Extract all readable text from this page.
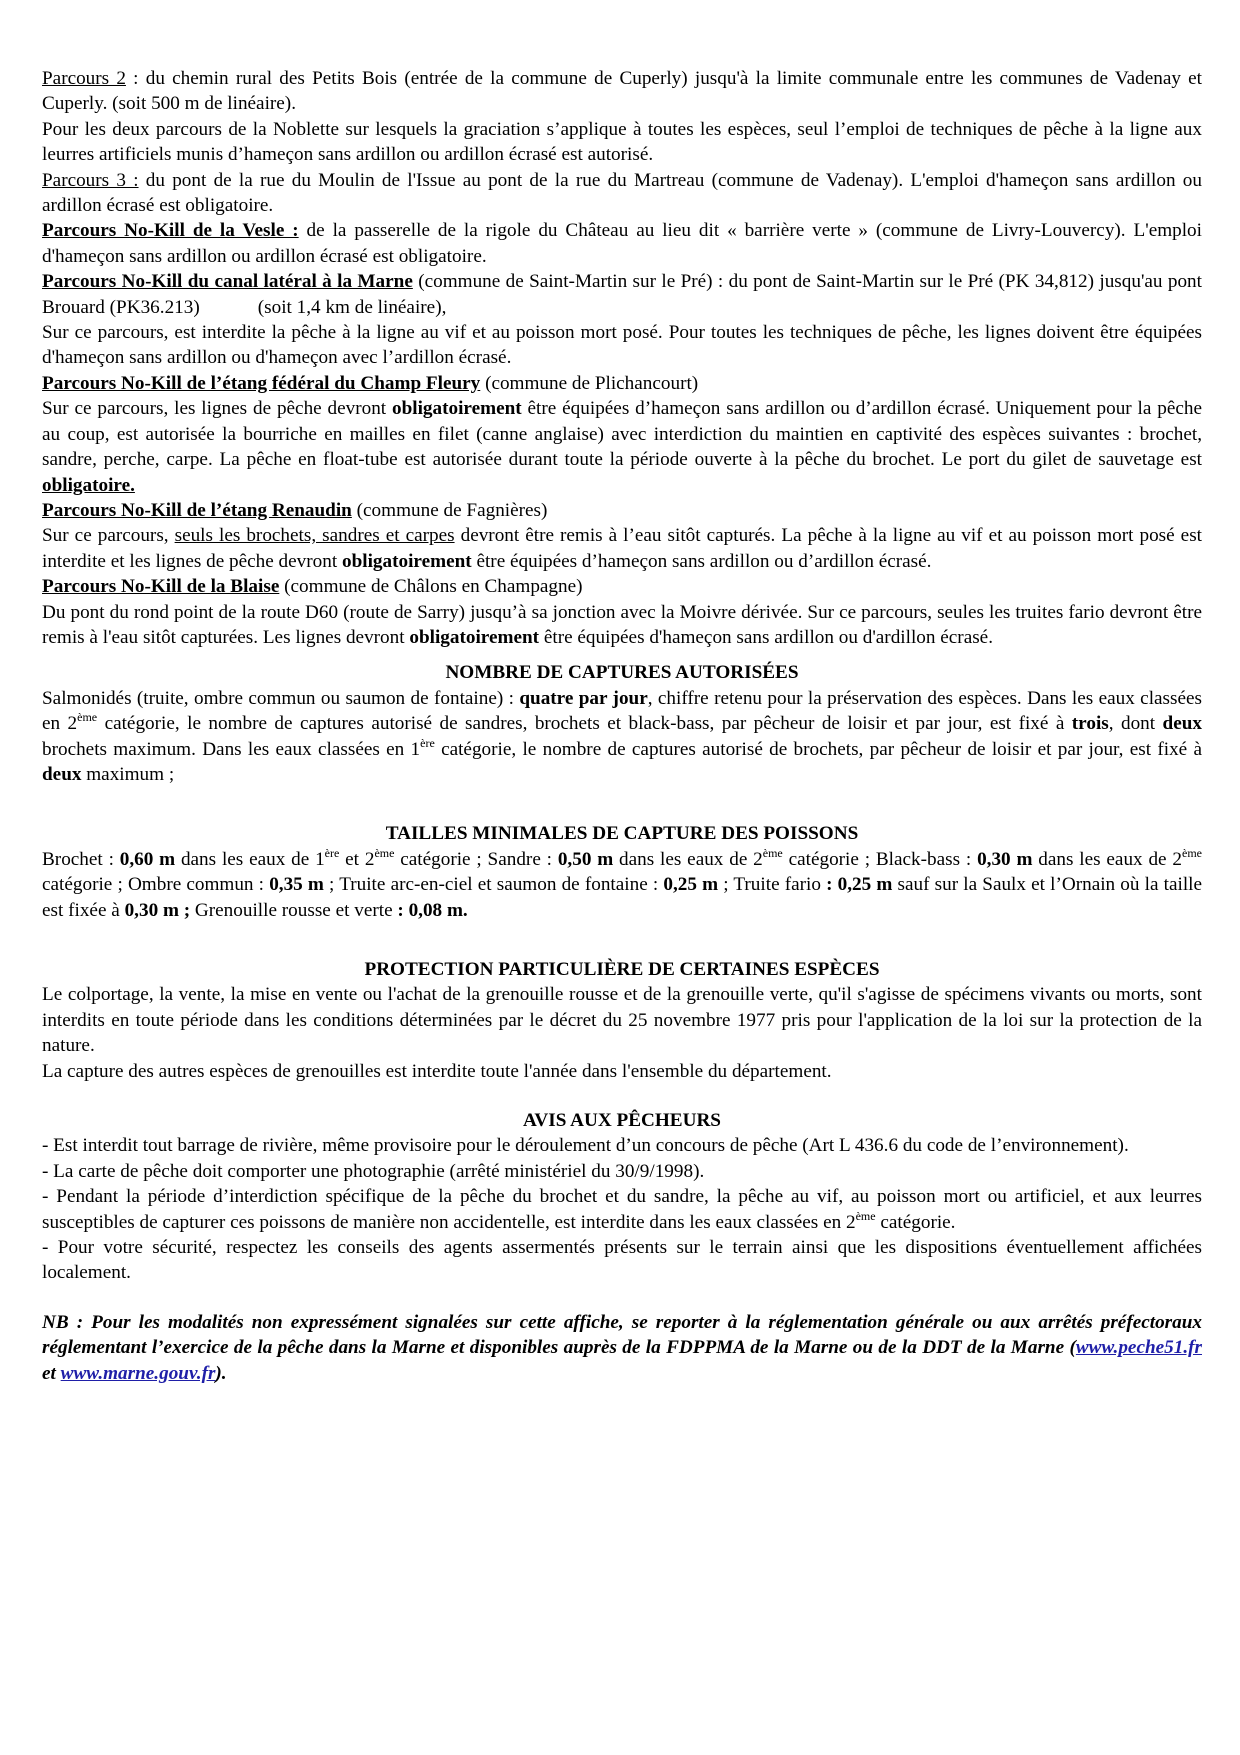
Parcours 2 : du chemin rural des Petits Bois (entrée de la commune de Cuperly) jusqu'à la limite communale entre les communes de Vadenay et Cuperly. (soit 500 m de linéaire).

Pour les deux parcours de la Noblette sur lesquels la graciation s’applique à toutes les espèces, seul l’emploi de techniques de pêche à la ligne aux leurres artificiels munis d’hameçon sans ardillon ou ardillon écrasé est autorisé.

Parcours 3 : du pont de la rue du Moulin de l'Issue au pont de la rue du Martreau (commune de Vadenay). L'emploi d'hameçon sans ardillon ou ardillon écrasé est obligatoire.

Parcours No-Kill de la Vesle : de la passerelle de la rigole du Château au lieu dit « barrière verte » (commune de Livry-Louvercy). L'emploi d'hameçon sans ardillon ou ardillon écrasé est obligatoire.

Parcours No-Kill du canal latéral à la Marne (commune de Saint-Martin sur le Pré) : du pont de Saint-Martin sur le Pré (PK 34,812) jusqu'au pont Brouard (PK36.213)	(soit 1,4 km de linéaire),

Sur ce parcours, est interdite la pêche à la ligne au vif et au poisson mort posé. Pour toutes les techniques de pêche, les lignes doivent être équipées d'hameçon sans ardillon ou d'hameçon avec l’ardillon écrasé.

Parcours No-Kill de l’étang fédéral du Champ Fleury (commune de Plichancourt)

Sur ce parcours, les lignes de pêche devront obligatoirement être équipées d’hameçon sans ardillon ou d’ardillon écrasé. Uniquement pour la pêche au coup, est autorisée la bourriche en mailles en filet (canne anglaise) avec interdiction du maintien en captivité des espèces suivantes : brochet, sandre, perche, carpe. La pêche en float-tube est autorisée durant toute la période ouverte à la pêche du brochet. Le port du gilet de sauvetage est obligatoire.

Parcours No-Kill de l’étang Renaudin (commune de Fagnières)

Sur ce parcours, seuls les brochets, sandres et carpes devront être remis à l’eau sitôt capturés. La pêche à la ligne au vif et au poisson mort posé est interdite et les lignes de pêche devront obligatoirement être équipées d’hameçon sans ardillon ou d’ardillon écrasé.

Parcours No-Kill de la Blaise (commune de Châlons en Champagne)

Du pont du rond point de la route D60 (route de Sarry) jusqu’à sa jonction avec la Moivre dérivée. Sur ce parcours, seules les truites fario devront être remis à l'eau sitôt capturées. Les lignes devront obligatoirement être équipées d'hameçon sans ardillon ou d'ardillon écrasé.

NOMBRE DE CAPTURES AUTORISÉES

Salmonidés (truite, ombre commun ou saumon de fontaine) : quatre par jour, chiffre retenu pour la préservation des espèces. Dans les eaux classées en 2ème catégorie, le nombre de captures autorisé de sandres, brochets et black-bass, par pêcheur de loisir et par jour, est fixé à trois, dont deux brochets maximum. Dans les eaux classées en 1ère catégorie, le nombre de captures autorisé de brochets, par pêcheur de loisir et par jour, est fixé à deux maximum ;

TAILLES MINIMALES DE CAPTURE DES POISSONS

Brochet : 0,60 m dans les eaux de 1ère et 2ème catégorie ; Sandre : 0,50 m dans les eaux de 2ème catégorie ; Black-bass : 0,30 m dans les eaux de 2ème catégorie ; Ombre commun : 0,35 m ; Truite arc-en-ciel et saumon de fontaine : 0,25 m ; Truite fario : 0,25 m sauf sur la Saulx et l’Ornain où la taille est fixée à 0,30 m ; Grenouille rousse et verte : 0,08 m.

PROTECTION PARTICULIÈRE DE CERTAINES ESPÈCES

Le colportage, la vente, la mise en vente ou l'achat de la grenouille rousse et de la grenouille verte, qu'il s'agisse de spécimens vivants ou morts, sont interdits en toute période dans les conditions déterminées par le décret du 25 novembre 1977 pris pour l'application de la loi sur la protection de la nature.

La capture des autres espèces de grenouilles est interdite toute l'année dans l'ensemble du département.

AVIS AUX PÊCHEURS

- Est interdit tout barrage de rivière, même provisoire pour le déroulement d’un concours de pêche (Art L 436.6 du code de l’environnement).

- La carte de pêche doit comporter une photographie (arrêté ministériel du 30/9/1998).

- Pendant la période d’interdiction spécifique de la pêche du brochet et du sandre, la pêche au vif, au poisson mort ou artificiel, et aux leurres susceptibles de capturer ces poissons de manière non accidentelle, est interdite dans les eaux classées en 2ème catégorie.

- Pour votre sécurité, respectez les conseils des agents assermentés présents sur le terrain ainsi que les dispositions éventuellement affichées localement.

NB : Pour les modalités non expressément signalées sur cette affiche, se reporter à la réglementation générale ou aux arrêtés préfectoraux réglementant l’exercice de la pêche dans la Marne et disponibles auprès de la FDPPMA de la Marne ou de la DDT de la Marne (www.peche51.fr et www.marne.gouv.fr).
